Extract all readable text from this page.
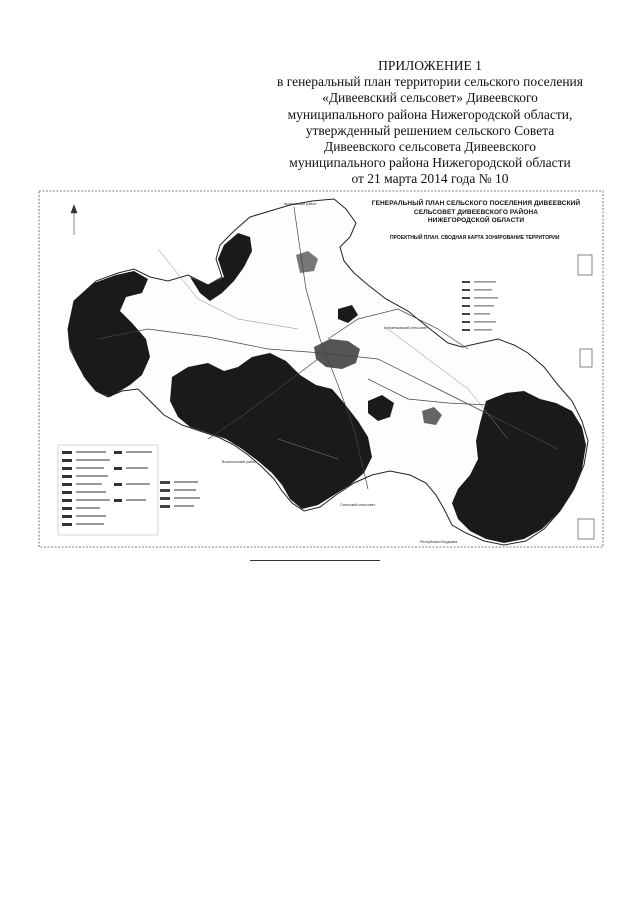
ПРИЛОЖЕНИЕ 1
в генеральный план территории сельского поселения
«Дивеевский сельсовет» Дивеевского
муниципального района Нижегородской области,
утвержденный решением сельского Совета
Дивеевского сельсовета Дивеевского
муниципального района Нижегородской области
от 21 марта 2014 года № 10
ГЕНЕРАЛЬНЫЙ ПЛАН СЕЛЬСКОГО ПОСЕЛЕНИЯ ДИВЕЕВСКИЙ
СЕЛЬСОВЕТ ДИВЕЕВСКОГО РАЙОНА
НИЖЕГОРОДСКОЙ ОБЛАСТИ
ПРОЕКТНЫЙ ПЛАН. СВОДНАЯ КАРТА ЗОНИРОВАНИЕ ТЕРРИТОРИИ
Ардатовский район
Кременковский сельсовет
Республика Мордовия
Сатисский сельсовет
Вознесенский район
